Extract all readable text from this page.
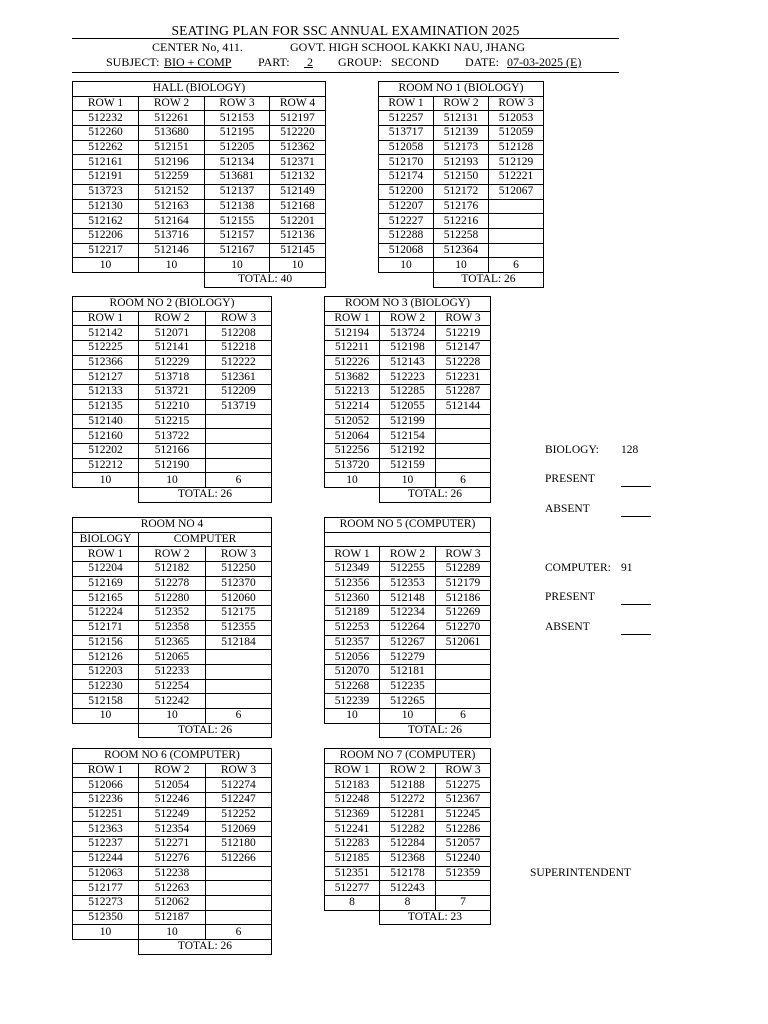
SEATING PLAN FOR SSC ANNUAL EXAMINATION 2025
CENTER No, 411.	GOVT. HIGH SCHOOL KAKKI NAU, JHANG
SUBJECT: BIO + COMP PART:
2
GROUP: SECOND DATE: 07-03-2025 (E)
HALL (BIOLOGY)			
ROW 1	ROW 2	ROW 3	ROW 4
512232	512261	512153	512197
512260	513680	512195	512220
512262	512151	512205	512362
512161	512196	512134	512371
512191	512259	513681	512132
513723	512152	512137	512149
512130	512163	512138	512168
512162	512164	512155	512201
512206	513716	512157	512136
512217	512146	512167	512145
10	10	10	10
		TOTAL: 40	
ROOM NO 1 (BIOLOGY)		
ROW 1	ROW 2	ROW 3
512257	512131	512053
513717	512139	512059
512058	512173	512128
512170	512193	512129
512174	512150	512221
512200	512172	512067
512207	512176	
512227	512216	
512288	512258	
512068	512364	
10	10	6
	TOTAL: 26	
ROOM NO 2 (BIOLOGY)		
ROW 1	ROW 2	ROW 3
512142	512071	512208
512225	512141	512218
512366	512229	512222
512127	513718	512361
512133	513721	512209
512135	512210	513719
512140	512215	
512160	513722	
512202	512166	
512212	512190	
10	10	6
	TOTAL: 26	
ROOM NO 3 (BIOLOGY)		
ROW 1	ROW 2	ROW 3
512194	513724	512219
512211	512198	512147
512226	512143	512228
513682	512223	512231
512213	512285	512287
512214	512055	512144
512052	512199	
512064	512154	
512256	512192	
513720	512159	
10	10	6
	TOTAL: 26	
ROOM NO 4		
BIOLOGY	COMPUTER	
ROW 1	ROW 2	ROW 3
512204	512182	512250
512169	512278	512370
512165	512280	512060
512224	512352	512175
512171	512358	512355
512156	512365	512184
512126	512065	
512203	512233	
512230	512254	
512158	512242	
10	10	6
	TOTAL: 26	
ROOM NO 5 (COMPUTER)		

ROW 1	ROW 2	ROW 3
512349	512255	512289
512356	512353	512179
512360	512148	512186
512189	512234	512269
512253	512264	512270
512357	512267	512061
512056	512279	
512070	512181	
512268	512235	
512239	512265	
10	10	6
	TOTAL: 26	
ROOM NO 6 (COMPUTER)		
ROW 1	ROW 2	ROW 3
512066	512054	512274
512236	512246	512247
512251	512249	512252
512363	512354	512069
512237	512271	512180
512244	512276	512266
512063	512238	
512177	512263	
512273	512062	
512350	512187	
10	10	6
	TOTAL: 26	
ROOM NO 7 (COMPUTER)		
ROW 1	ROW 2	ROW 3
512183	512188	512275
512248	512272	512367
512369	512281	512245
512241	512282	512286
512283	512284	512057
512185	512368	512240
512351	512178	512359
512277	512243	
8	8	7
	TOTAL: 23	
BIOLOGY: 128
PRESENT
ABSENT
COMPUTER: 91
PRESENT
ABSENT
SUPERINTENDENT
